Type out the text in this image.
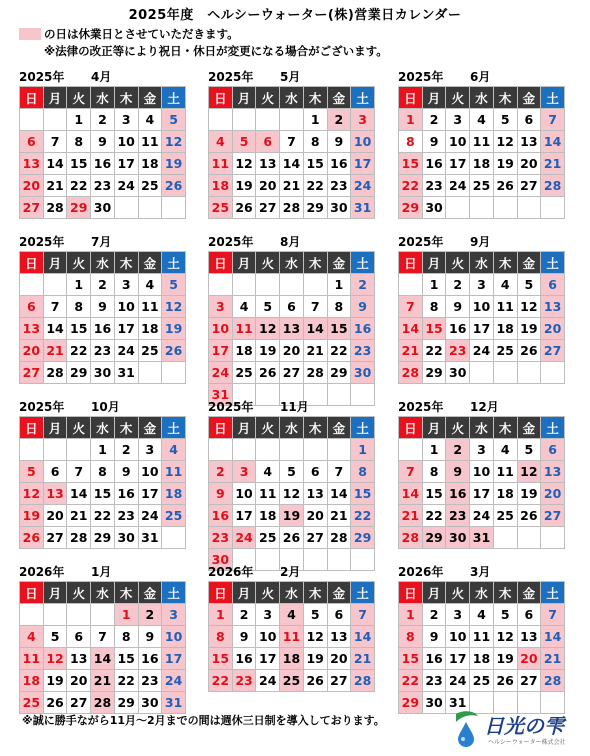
2025年度　ヘルシーウォーター(株)営業日カレンダー
の日は休業日とさせていただきます。
※法律の改正等により祝日・休日が変更になる場合がございます。
2025年 4月
日	月	火	水	木	金	土
		1	2	3	4	5
6	7	8	9	10	11	12
13	14	15	16	17	18	19
20	21	22	23	24	25	26
27	28	29	30			
2025年 5月
日	月	火	水	木	金	土
				1	2	3
4	5	6	7	8	9	10
11	12	13	14	15	16	17
18	19	20	21	22	23	24
25	26	27	28	29	30	31
2025年 6月
日	月	火	水	木	金	土
1	2	3	4	5	6	7
8	9	10	11	12	13	14
15	16	17	18	19	20	21
22	23	24	25	26	27	28
29	30					
2025年 7月
日	月	火	水	木	金	土
		1	2	3	4	5
6	7	8	9	10	11	12
13	14	15	16	17	18	19
20	21	22	23	24	25	26
27	28	29	30	31		
2025年 8月
日	月	火	水	木	金	土
					1	2
3	4	5	6	7	8	9
10	11	12	13	14	15	16
17	18	19	20	21	22	23
24	25	26	27	28	29	30
31						
2025年 9月
日	月	火	水	木	金	土
	1	2	3	4	5	6
7	8	9	10	11	12	13
14	15	16	17	18	19	20
21	22	23	24	25	26	27
28	29	30				
2025年 10月
日	月	火	水	木	金	土
			1	2	3	4
5	6	7	8	9	10	11
12	13	14	15	16	17	18
19	20	21	22	23	24	25
26	27	28	29	30	31	
2025年 11月
日	月	火	水	木	金	土
						1
2	3	4	5	6	7	8
9	10	11	12	13	14	15
16	17	18	19	20	21	22
23	24	25	26	27	28	29
30						
2025年 12月
日	月	火	水	木	金	土
	1	2	3	4	5	6
7	8	9	10	11	12	13
14	15	16	17	18	19	20
21	22	23	24	25	26	27
28	29	30	31			
2026年 1月
日	月	火	水	木	金	土
				1	2	3
4	5	6	7	8	9	10
11	12	13	14	15	16	17
18	19	20	21	22	23	24
25	26	27	28	29	30	31
2026年 2月
日	月	火	水	木	金	土
1	2	3	4	5	6	7
8	9	10	11	12	13	14
15	16	17	18	19	20	21
22	23	24	25	26	27	28
2026年 3月
日	月	火	水	木	金	土
1	2	3	4	5	6	7
8	9	10	11	12	13	14
15	16	17	18	19	20	21
22	23	24	25	26	27	28
29	30	31				
※誠に勝手ながら11月～2月までの間は週休三日制を導入しております。	日光の雫
ヘルシーウォーター株式会社
